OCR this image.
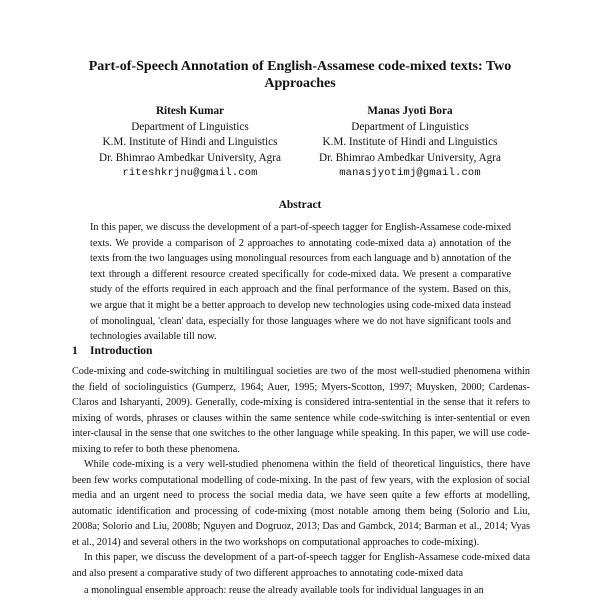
Part-of-Speech Annotation of English-Assamese code-mixed texts: Two Approaches
Ritesh Kumar
Department of Linguistics
K.M. Institute of Hindi and Linguistics
Dr. Bhimrao Ambedkar University, Agra
riteshkrjnu@gmail.com
Manas Jyoti Bora
Department of Linguistics
K.M. Institute of Hindi and Linguistics
Dr. Bhimrao Ambedkar University, Agra
manasjyotimj@gmail.com
Abstract

In this paper, we discuss the development of a part-of-speech tagger for English-Assamese code-mixed texts. We provide a comparison of 2 approaches to annotating code-mixed data a) annotation of the texts from the two languages using monolingual resources from each language and b) annotation of the text through a different resource created specifically for code-mixed data. We present a comparative study of the efforts required in each approach and the final performance of the system. Based on this, we argue that it might be a better approach to develop new technologies using code-mixed data instead of monolingual, 'clean' data, especially for those languages where we do not have significant tools and technologies available till now.

1 Introduction

Code-mixing and code-switching in multilingual societies are two of the most well-studied phenomena within the field of sociolinguistics (Gumperz, 1964; Auer, 1995; Myers-Scotton, 1997; Muysken, 2000; Cardenas-Claros and Isharyanti, 2009). Generally, code-mixing is considered intra-sentential in the sense that it refers to mixing of words, phrases or clauses within the same sentence while code-switching is inter-sentential or even inter-clausal in the sense that one switches to the other language while speaking. In this paper, we will use code-mixing to refer to both these phenomena.

While code-mixing is a very well-studied phenomena within the field of theoretical linguistics, there have been few works computational modelling of code-mixing. In the past of few years, with the explosion of social media and an urgent need to process the social media data, we have seen quite a few efforts at modelling, automatic identification and processing of code-mixing (most notable among them being (Solorio and Liu, 2008a; Solorio and Liu, 2008b; Nguyen and Dogruoz, 2013; Das and Gambck, 2014; Barman et al., 2014; Vyas et al., 2014) and several others in the two workshops on computational approaches to code-mixing).

In this paper, we discuss the development of a part-of-speech tagger for English-Assamese code-mixed data and also present a comparative study of two different approaches to annotating code-mixed data

a monolingual ensemble approach: reuse the already available tools for individual languages in an
